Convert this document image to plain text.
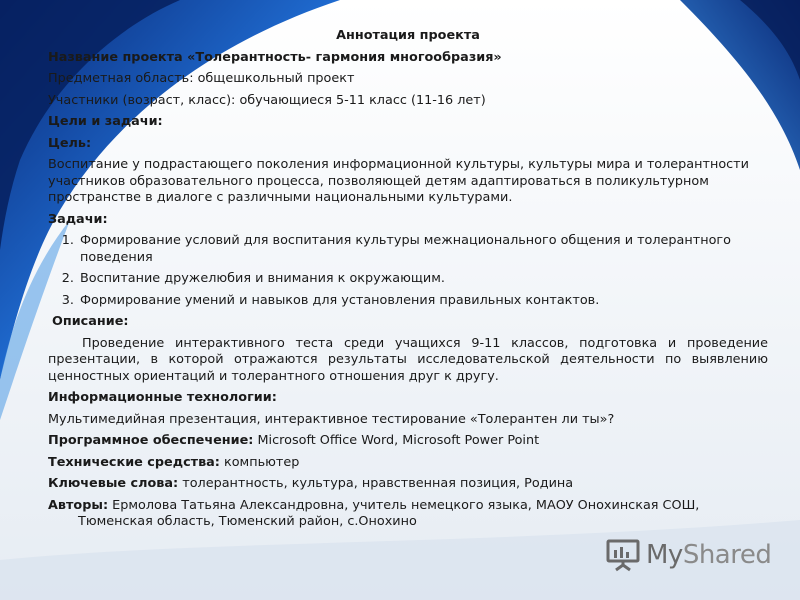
Аннотация проекта

Название проекта «Толерантность- гармония многообразия»

Предметная область: общешкольный проект

Участники (возраст, класс): обучающиеся 5-11 класс (11-16 лет)

Цели и задачи:

Цель:

Воспитание у подрастающего поколения информационной культуры, культуры мира и толерантности участников образовательного процесса, позволяющей детям адаптироваться в поликультурном пространстве в диалоге с различными национальными культурами.

Задачи:

1. Формирование условий для воспитания культуры межнационального общения и толерантного поведения
2. Воспитание дружелюбия и внимания к окружающим.
3. Формирование умений и навыков для установления правильных контактов.

Описание:

Проведение интерактивного теста среди учащихся 9-11 классов, подготовка и проведение презентации, в которой отражаются результаты исследовательской деятельности по выявлению ценностных ориентаций и толерантного отношения друг к другу.

Информационные технологии:

Мультимедийная презентация, интерактивное тестирование «Толерантен ли ты»?

Программное обеспечение: Microsoft Office Word, Microsoft Power Point

Технические средства: компьютер

Ключевые слова: толерантность, культура, нравственная позиция, Родина

Авторы: Ермолова Татьяна Александровна, учитель немецкого языка, МАОУ Онохинская СОШ, Тюменская область, Тюменский район, с.Онохино

MyShared
